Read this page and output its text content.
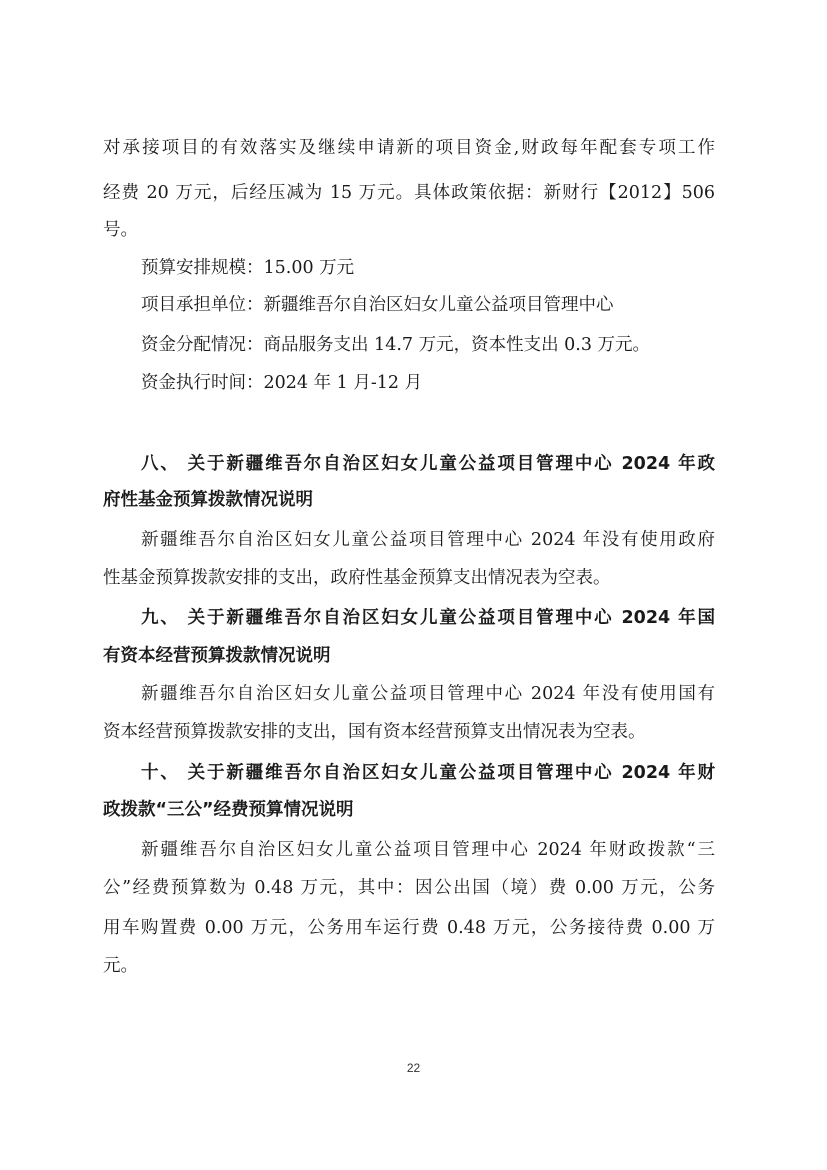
对承接项目的有效落实及继续申请新的项目资金,财政每年配套专项工作
经费 20 万元，后经压减为 15 万元。具体政策依据：新财行【2012】506
号。
预算安排规模：15.00 万元
项目承担单位：新疆维吾尔自治区妇女儿童公益项目管理中心
资金分配情况：商品服务支出 14.7 万元，资本性支出 0.3 万元。
资金执行时间：2024 年 1 月-12 月
八、 关于新疆维吾尔自治区妇女儿童公益项目管理中心 2024 年政
府性基金预算拨款情况说明
新疆维吾尔自治区妇女儿童公益项目管理中心 2024 年没有使用政府
性基金预算拨款安排的支出，政府性基金预算支出情况表为空表。
九、 关于新疆维吾尔自治区妇女儿童公益项目管理中心 2024 年国
有资本经营预算拨款情况说明
新疆维吾尔自治区妇女儿童公益项目管理中心 2024 年没有使用国有
资本经营预算拨款安排的支出，国有资本经营预算支出情况表为空表。
十、 关于新疆维吾尔自治区妇女儿童公益项目管理中心 2024 年财
政拨款“三公”经费预算情况说明
新疆维吾尔自治区妇女儿童公益项目管理中心 2024 年财政拨款“三
公”经费预算数为 0.48 万元，其中：因公出国（境）费 0.00 万元，公务
用车购置费 0.00 万元，公务用车运行费 0.48 万元，公务接待费 0.00 万
元。
22
